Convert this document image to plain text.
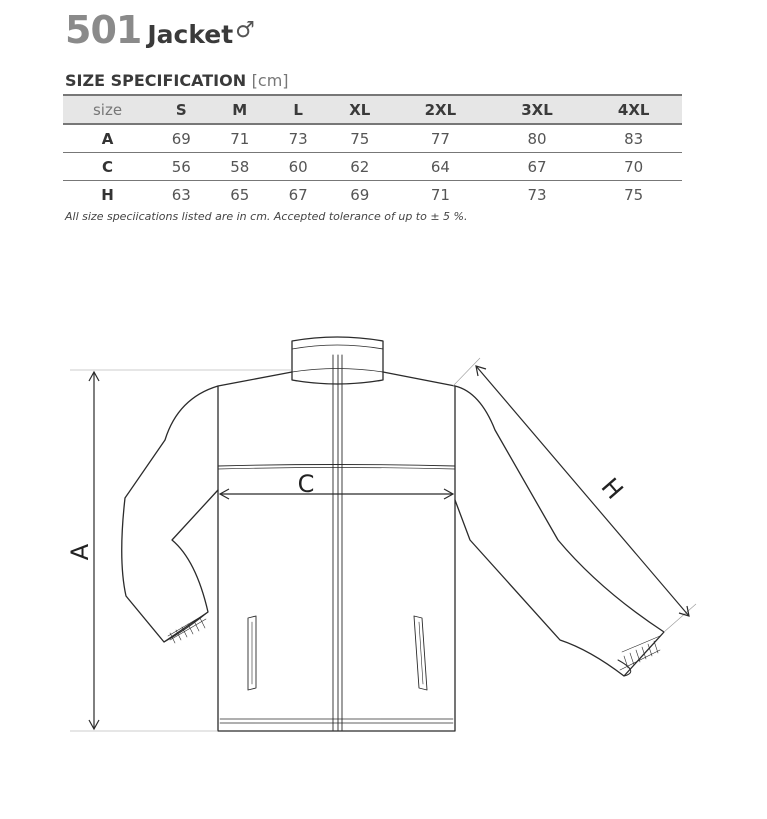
501 Jacket ♂
SIZE SPECIFICATION [cm]
size	S	M	L	XL	2XL	3XL	4XL
A	69	71	73	75	77	80	83
C	56	58	60	62	64	67	70
H	63	65	67	69	71	73	75
All size speciications listed are in cm. Accepted tolerance of up to ± 5 %.
A
C	H
